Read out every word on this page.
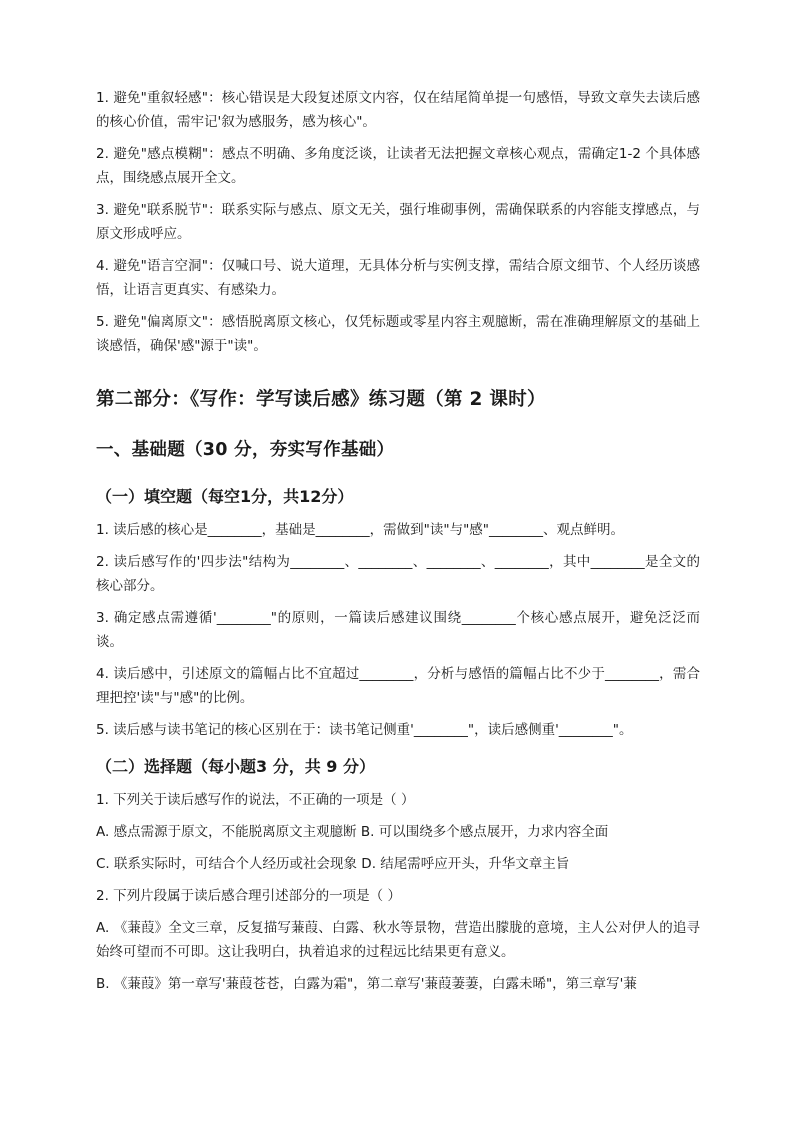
1. 避免"重叙轻感"：核心错误是大段复述原文内容，仅在结尾简单提一句感悟，导致文章失去读后感的核心价值，需牢记'叙为感服务，感为核心"。

2. 避免"感点模糊"：感点不明确、多角度泛谈，让读者无法把握文章核心观点，需确定1-2 个具体感点，围绕感点展开全文。

3. 避免"联系脱节"：联系实际与感点、原文无关，强行堆砌事例，需确保联系的内容能支撑感点，与原文形成呼应。

4. 避免"语言空洞"：仅喊口号、说大道理，无具体分析与实例支撑，需结合原文细节、个人经历谈感悟，让语言更真实、有感染力。

5. 避免"偏离原文"：感悟脱离原文核心，仅凭标题或零星内容主观臆断，需在准确理解原文的基础上谈感悟，确保'感"源于"读"。

第二部分：《写作：学写读后感》练习题（第 2 课时）
一、基础题（30 分，夯实写作基础）
（一）填空题（每空1分，共12分）

1. 读后感的核心是________，基础是________，需做到"读"与"感"________、观点鲜明。

2. 读后感写作的'四步法"结构为________、________、________、________，其中________是全文的核心部分。

3. 确定感点需遵循'________"的原则，一篇读后感建议围绕________个核心感点展开，避免泛泛而谈。

4. 读后感中，引述原文的篇幅占比不宜超过________，分析与感悟的篇幅占比不少于________，需合理把控'读"与"感"的比例。

5. 读后感与读书笔记的核心区别在于：读书笔记侧重'________"，读后感侧重'________"。

（二）选择题（每小题3 分，共 9 分）

1. 下列关于读后感写作的说法，不正确的一项是（ ）

A. 感点需源于原文，不能脱离原文主观臆断 B. 可以围绕多个感点展开，力求内容全面

C. 联系实际时，可结合个人经历或社会现象 D. 结尾需呼应开头，升华文章主旨

2. 下列片段属于读后感合理引述部分的一项是（ ）

A. 《蒹葭》全文三章，反复描写蒹葭、白露、秋水等景物，营造出朦胧的意境，主人公对伊人的追寻始终可望而不可即。这让我明白，执着追求的过程远比结果更有意义。

B. 《蒹葭》第一章写'蒹葭苍苍，白露为霜"，第二章写'蒹葭萋萋，白露未晞"，第三章写'蒹
